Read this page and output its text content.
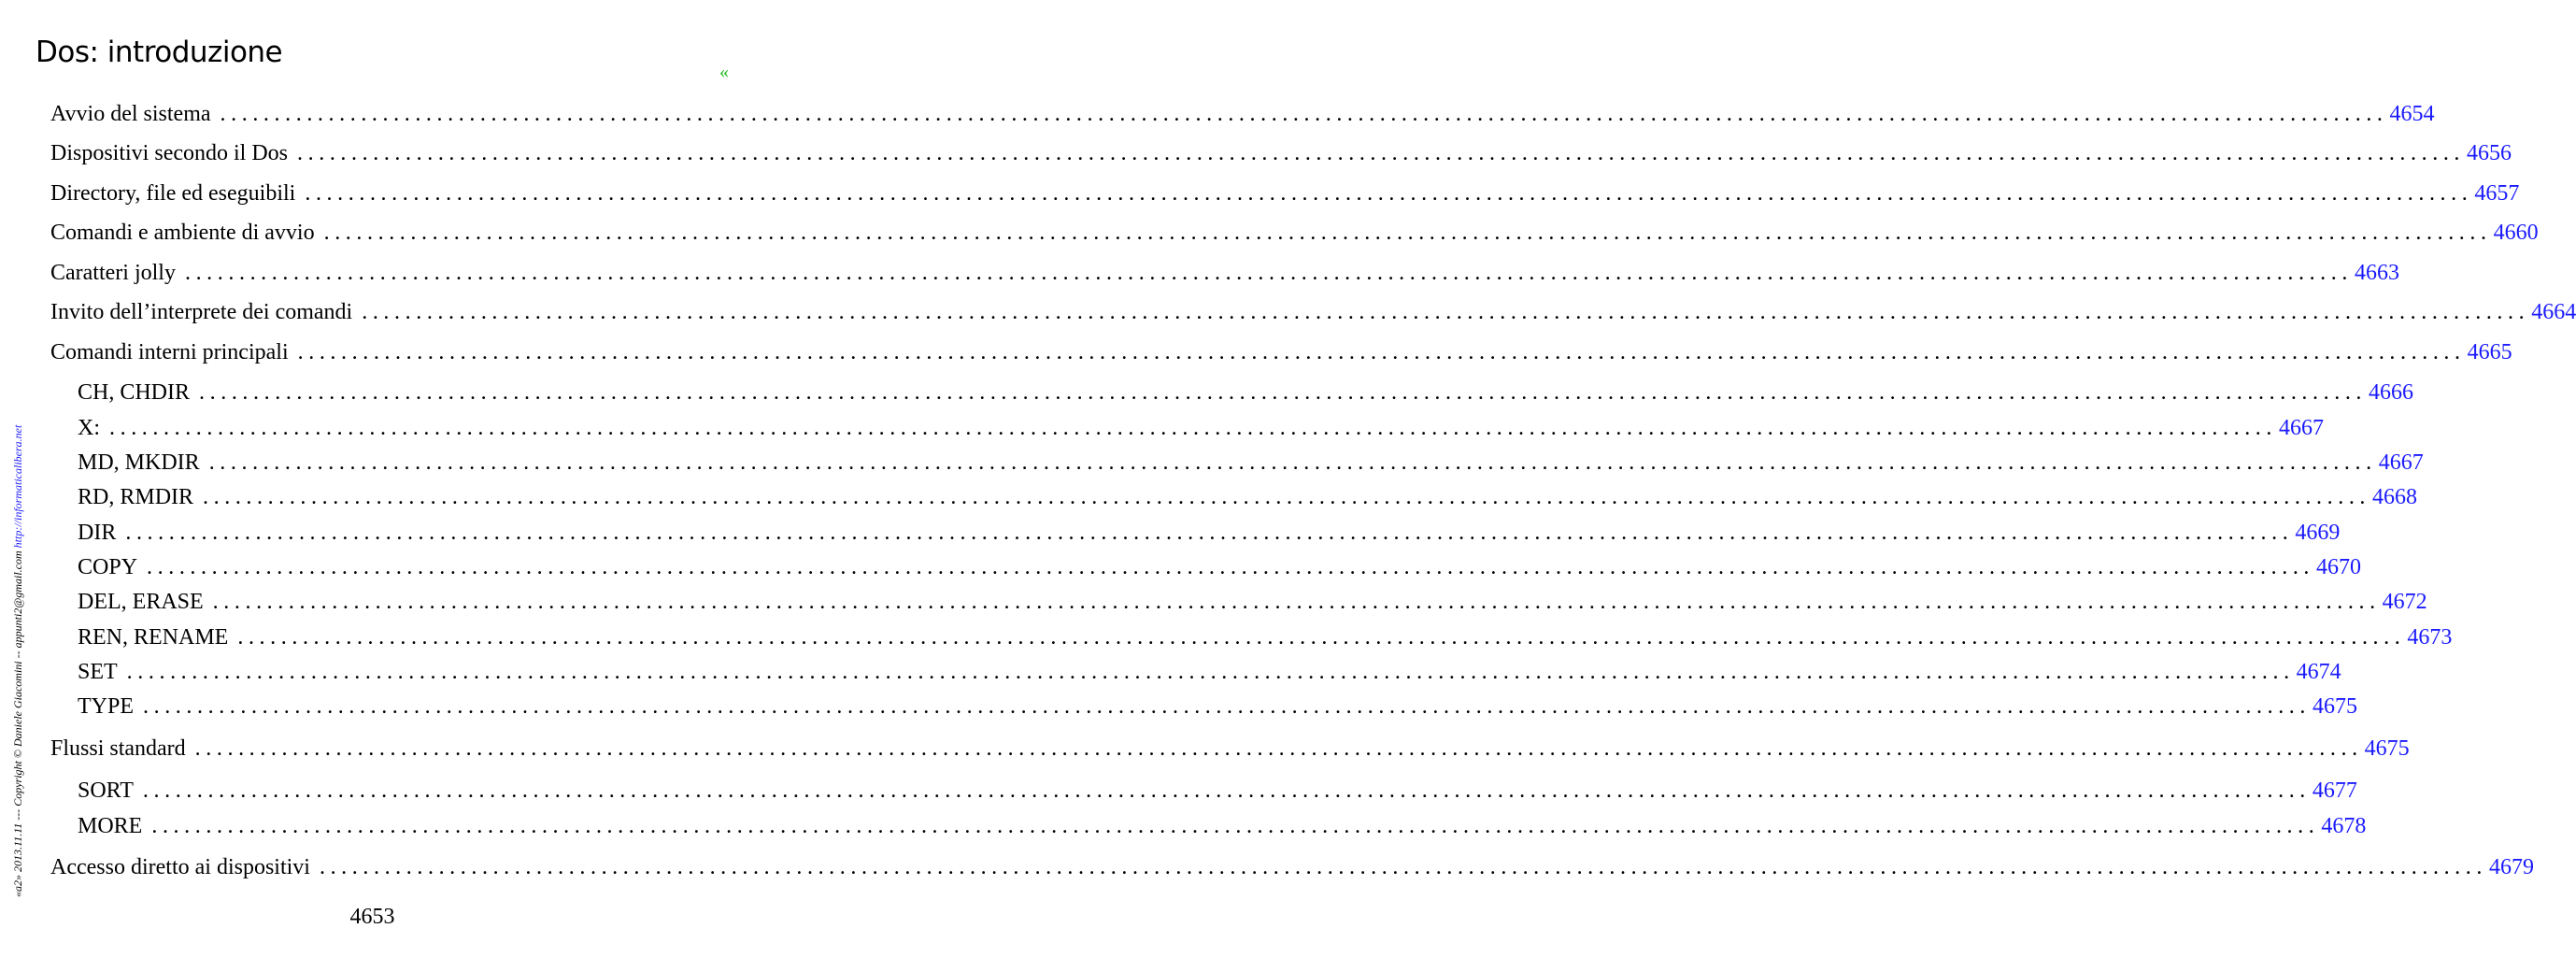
Dos: introduzione
«
Avvio del sistema ........................................................................................................................................................................................................ 4654
Dispositivi secondo il Dos ........................................................................................................................................................................................................ 4656
Directory, file ed eseguibili ........................................................................................................................................................................................................ 4657
Comandi e ambiente di avvio ........................................................................................................................................................................................................ 4660
Caratteri jolly ........................................................................................................................................................................................................ 4663
Invito dell’interprete dei comandi ........................................................................................................................................................................................................ 4664
Comandi interni principali ........................................................................................................................................................................................................ 4665
CH, CHDIR ........................................................................................................................................................................................................ 4666
X: ........................................................................................................................................................................................................ 4667
MD, MKDIR ........................................................................................................................................................................................................ 4667
RD, RMDIR ........................................................................................................................................................................................................ 4668
DIR ........................................................................................................................................................................................................ 4669
COPY ........................................................................................................................................................................................................ 4670
DEL, ERASE ........................................................................................................................................................................................................ 4672
REN, RENAME ........................................................................................................................................................................................................ 4673
SET ........................................................................................................................................................................................................ 4674
TYPE ........................................................................................................................................................................................................ 4675
Flussi standard ........................................................................................................................................................................................................ 4675
SORT ........................................................................................................................................................................................................ 4677
MORE ........................................................................................................................................................................................................ 4678
Accesso diretto ai dispositivi ........................................................................................................................................................................................................ 4679
«a2» 2013.11.11 --- Copyright © Daniele Giacomini -- appunti2@gmail.com http://informaticalibera.net
4653
